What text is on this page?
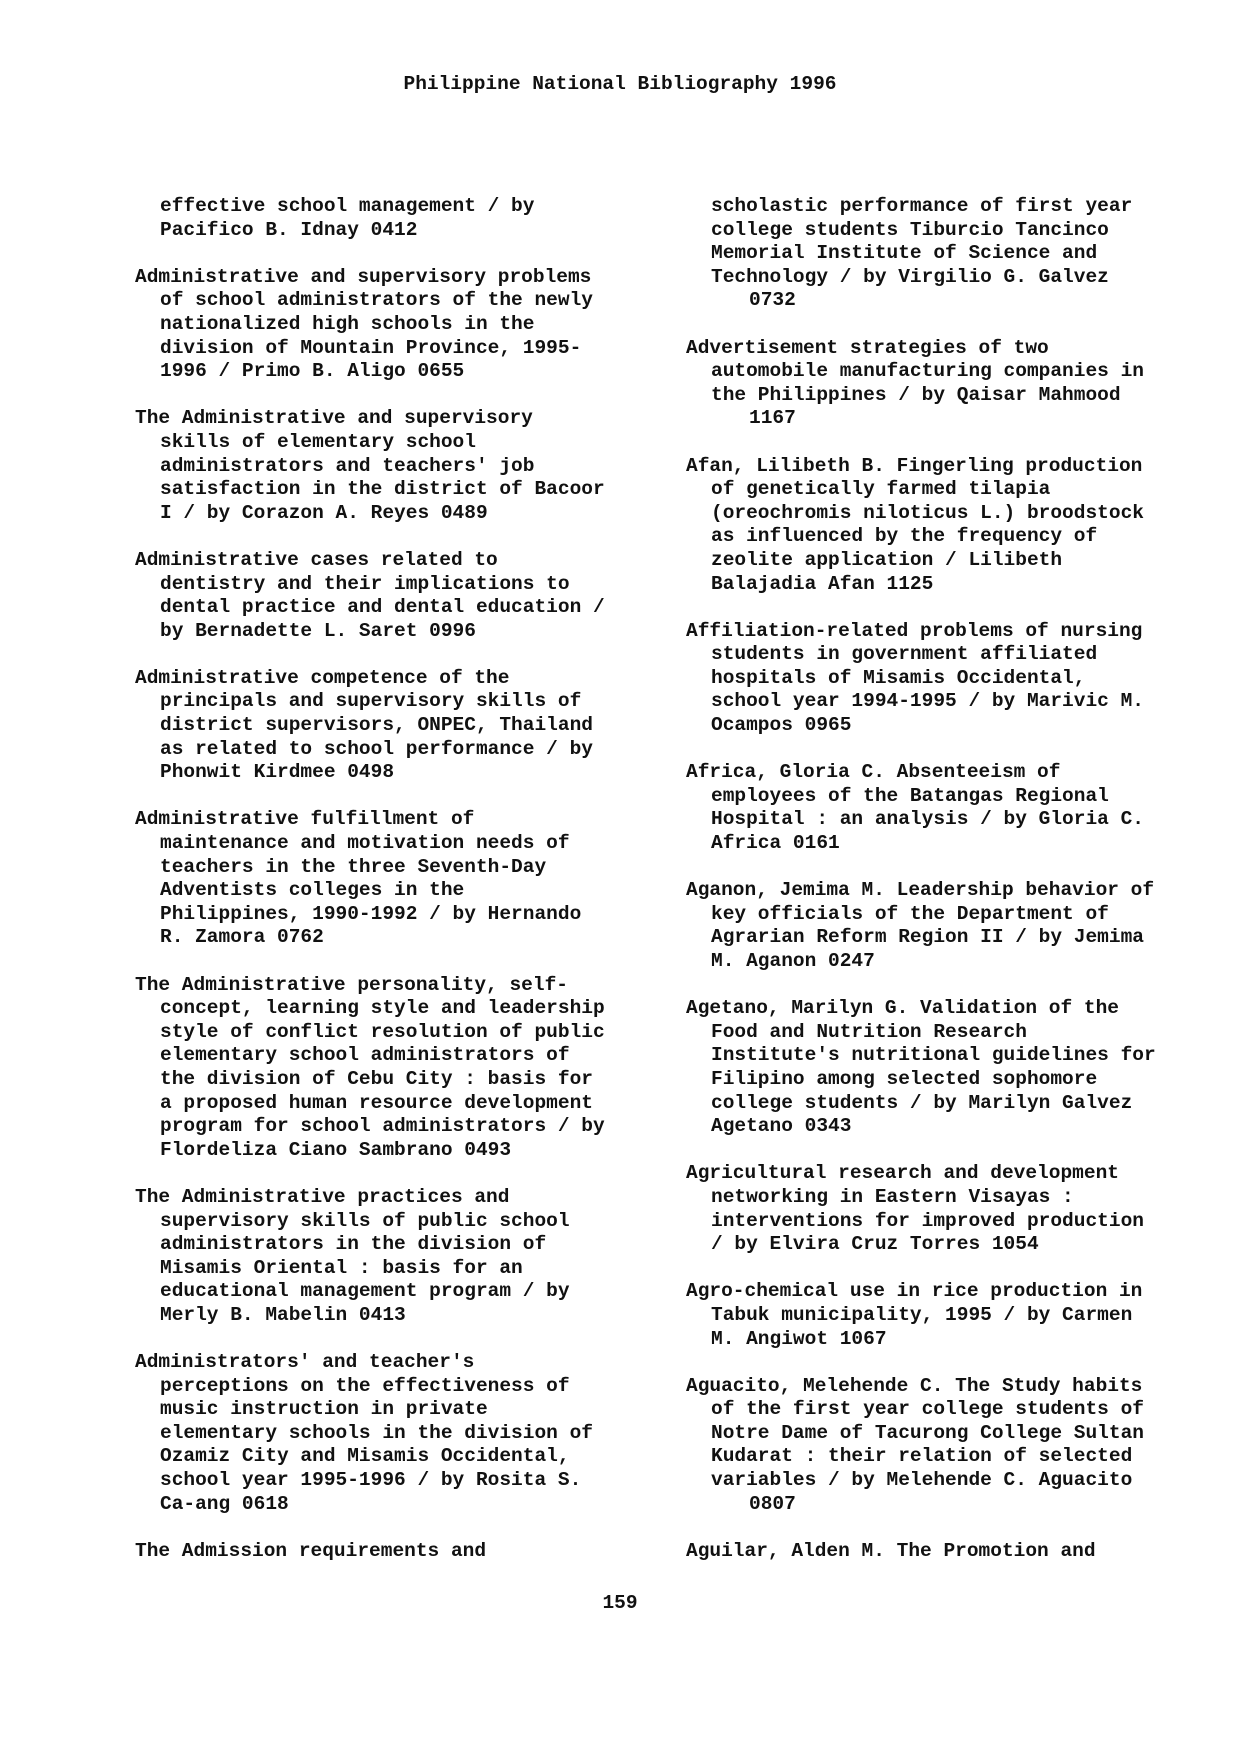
Philippine National Bibliography 1996
effective school management / by
Pacifico B. Idnay 0412
Administrative and supervisory problems
of school administrators of the newly
nationalized high schools in the
division of Mountain Province, 1995-
1996 / Primo B. Aligo 0655
The Administrative and supervisory
skills of elementary school
administrators and teachers' job
satisfaction in the district of Bacoor
I / by Corazon A. Reyes 0489
Administrative cases related to
dentistry and their implications to
dental practice and dental education /
by Bernadette L. Saret 0996
Administrative competence of the
principals and supervisory skills of
district supervisors, ONPEC, Thailand
as related to school performance / by
Phonwit Kirdmee 0498
Administrative fulfillment of
maintenance and motivation needs of
teachers in the three Seventh-Day
Adventists colleges in the
Philippines, 1990-1992 / by Hernando
R. Zamora 0762
The Administrative personality, self-
concept, learning style and leadership
style of conflict resolution of public
elementary school administrators of
the division of Cebu City : basis for
a proposed human resource development
program for school administrators / by
Flordeliza Ciano Sambrano 0493
The Administrative practices and
supervisory skills of public school
administrators in the division of
Misamis Oriental : basis for an
educational management program / by
Merly B. Mabelin 0413
Administrators' and teacher's
perceptions on the effectiveness of
music instruction in private
elementary schools in the division of
Ozamiz City and Misamis Occidental,
school year 1995-1996 / by Rosita S.
Ca-ang 0618
The Admission requirements and
scholastic performance of first year
college students Tiburcio Tancinco
Memorial Institute of Science and
Technology / by Virgilio G. Galvez
0732
Advertisement strategies of two
automobile manufacturing companies in
the Philippines / by Qaisar Mahmood
1167
Afan, Lilibeth B. Fingerling production
of genetically farmed tilapia
(oreochromis niloticus L.) broodstock
as influenced by the frequency of
zeolite application / Lilibeth
Balajadia Afan 1125
Affiliation-related problems of nursing
students in government affiliated
hospitals of Misamis Occidental,
school year 1994-1995 / by Marivic M.
Ocampos 0965
Africa, Gloria C. Absenteeism of
employees of the Batangas Regional
Hospital : an analysis / by Gloria C.
Africa 0161
Aganon, Jemima M. Leadership behavior of
key officials of the Department of
Agrarian Reform Region II / by Jemima
M. Aganon 0247
Agetano, Marilyn G. Validation of the
Food and Nutrition Research
Institute's nutritional guidelines for
Filipino among selected sophomore
college students / by Marilyn Galvez
Agetano 0343
Agricultural research and development
networking in Eastern Visayas :
interventions for improved production
/ by Elvira Cruz Torres 1054
Agro-chemical use in rice production in
Tabuk municipality, 1995 / by Carmen
M. Angiwot 1067
Aguacito, Melehende C. The Study habits
of the first year college students of
Notre Dame of Tacurong College Sultan
Kudarat : their relation of selected
variables / by Melehende C. Aguacito
0807
Aguilar, Alden M. The Promotion and
159
